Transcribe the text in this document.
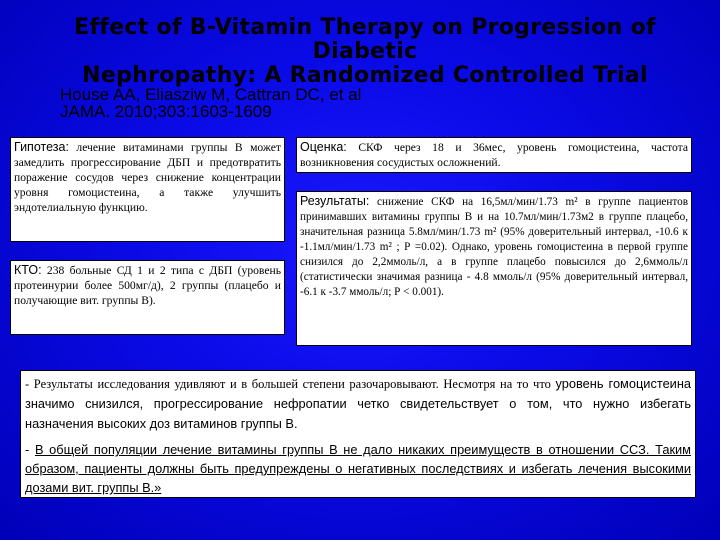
Effect of B-Vitamin Therapy on Progression of Diabetic
Nephropathy: A Randomized Controlled Trial
House AA, Eliasziw M, Cattran DC, et al
JAMA. 2010;303:1603-1609
Гипотеза: лечение витаминами группы В может замедлить прогрессирование ДБП и предотвратить поражение сосудов через снижение концентрации уровня гомоцистеина, а также улучшить эндотелиальную функцию.
КТО: 238 больные СД 1 и 2 типа с ДБП (уровень протеинурии более 500мг/д), 2 группы (плацебо и получающие вит. группы В).
Оценка: СКФ через 18 и 36мес, уровень гомоцистеина, частота возникновения сосудистых осложнений.
Результаты: снижение СКФ на 16,5мл/мин/1.73 m² в группе пациентов принимавших витамины группы В и на 10.7мл/мин/1.73м2 в группе плацебо, значительная разница 5.8мл/мин/1.73 m² (95% доверительный интервал, -10.6 к -1.1мл/мин/1.73 m² ; Р =0.02). Однако, уровень гомоцистеина в первой группе снизился до 2,2ммоль/л, а в группе плацебо повысился до 2,6ммоль/л (статистически значимая разница - 4.8 ммоль/л (95% доверительный интервал, -6.1 к -3.7 ммоль/л; Р < 0.001).
- Результаты исследования удивляют и в большей степени разочаровывают. Несмотря на то что уровень гомоцистеина значимо снизился, прогрессирование нефропатии четко свидетельствует о том, что нужно избегать назначения высоких доз витаминов группы В.
- В общей популяции лечение витамины группы В не дало никаких преимуществ в отношении ССЗ. Таким образом, пациенты должны быть предупреждены о негативных последствиях и избегать лечения высокими дозами вит. группы В.»
